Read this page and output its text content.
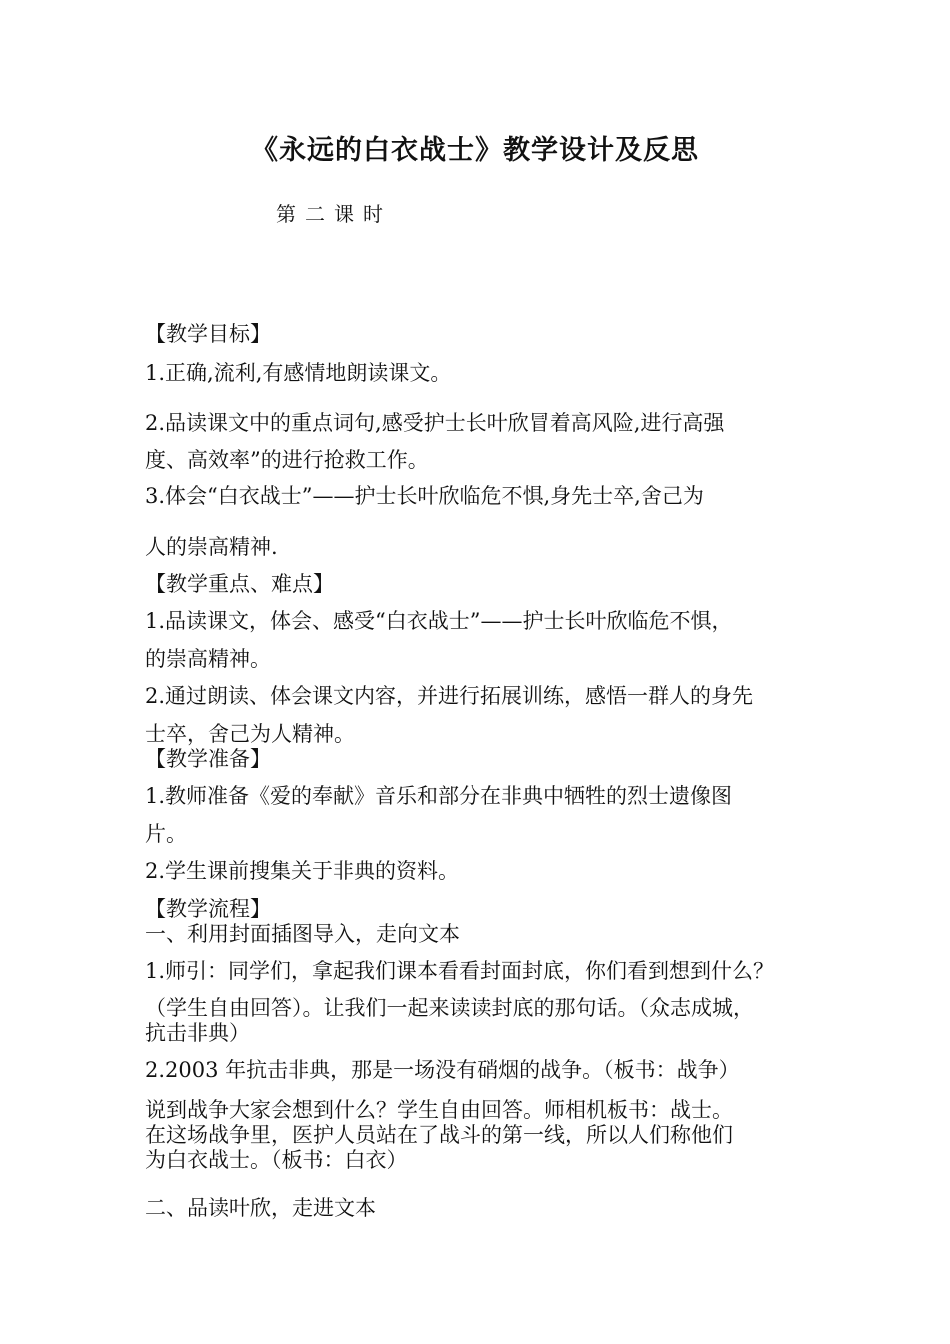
《永远的白衣战士》教学设计及反思

第二课时

【教学目标】

1.正确,流利,有感情地朗读课文。

2.品读课文中的重点词句,感受护士长叶欣冒着高风险,进行高强

度、高效率”的进行抢救工作。

3.体会“白衣战士”——护士长叶欣临危不惧,身先士卒,舍己为

人的崇高精神.

【教学重点、难点】

1.品读课文，体会、感受“白衣战士”——护士长叶欣临危不惧，

的崇高精神。

2.通过朗读、体会课文内容，并进行拓展训练，感悟一群人的身先

士卒，舍己为人精神。

【教学准备】

1.教师准备《爱的奉献》音乐和部分在非典中牺牲的烈士遗像图

片。

2.学生课前搜集关于非典的资料。

【教学流程】

一、利用封面插图导入，走向文本

1.师引：同学们，拿起我们课本看看封面封底，你们看到想到什么？

（学生自由回答）。让我们一起来读读封底的那句话。（众志成城，

抗击非典）

2.2003 年抗击非典，那是一场没有硝烟的战争。（板书：战争）

说到战争大家会想到什么？学生自由回答。师相机板书：战士。

在这场战争里，医护人员站在了战斗的第一线，所以人们称他们

为白衣战士。（板书：白衣）

二、品读叶欣，走进文本
